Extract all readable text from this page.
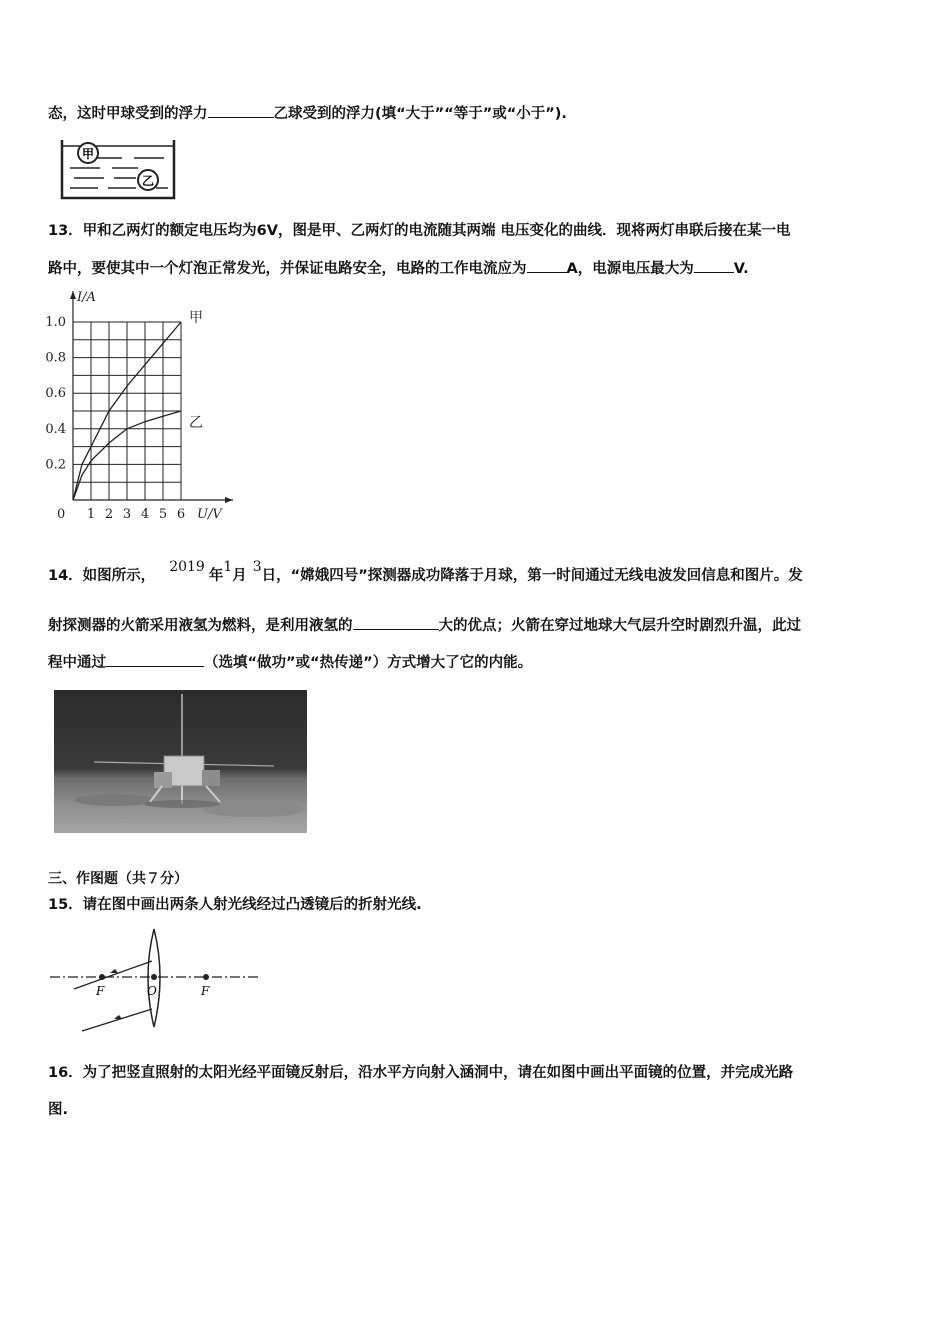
态，这时甲球受到的浮力	乙球受到的浮力(填“大于”“等于”或“小于”).
甲
乙
13．甲和乙两灯的额定电压均为6V，图是甲、乙两灯的电流随其两端 电压变化的曲线．现将两灯串联后接在某一电
路中，要使其中一个灯泡正常发光，并保证电路安全，电路的工作电流应为	A，电源电压最大为	V.
1 2 3 4 5 6
0.2
0.4
0.6
0.8
1.0
0
I/A
U/V
甲
乙
14．如图所示，2019年1月3日，“嫦娥四号”探测器成功降落于月球，第一时间通过无线电波发回信息和图片。发
射探测器的火箭采用液氢为燃料，是利用液氢的	大的优点；火箭在穿过地球大气层升空时剧烈升温，此过
程中通过	（选填“做功”或“热传递”）方式增大了它的内能。
三、作图题（共７分）
15．请在图中画出两条人射光线经过凸透镜后的折射光线.
F	O	F
16．为了把竖直照射的太阳光经平面镜反射后，沿水平方向射入涵洞中，请在如图中画出平面镜的位置，并完成光路
图.
